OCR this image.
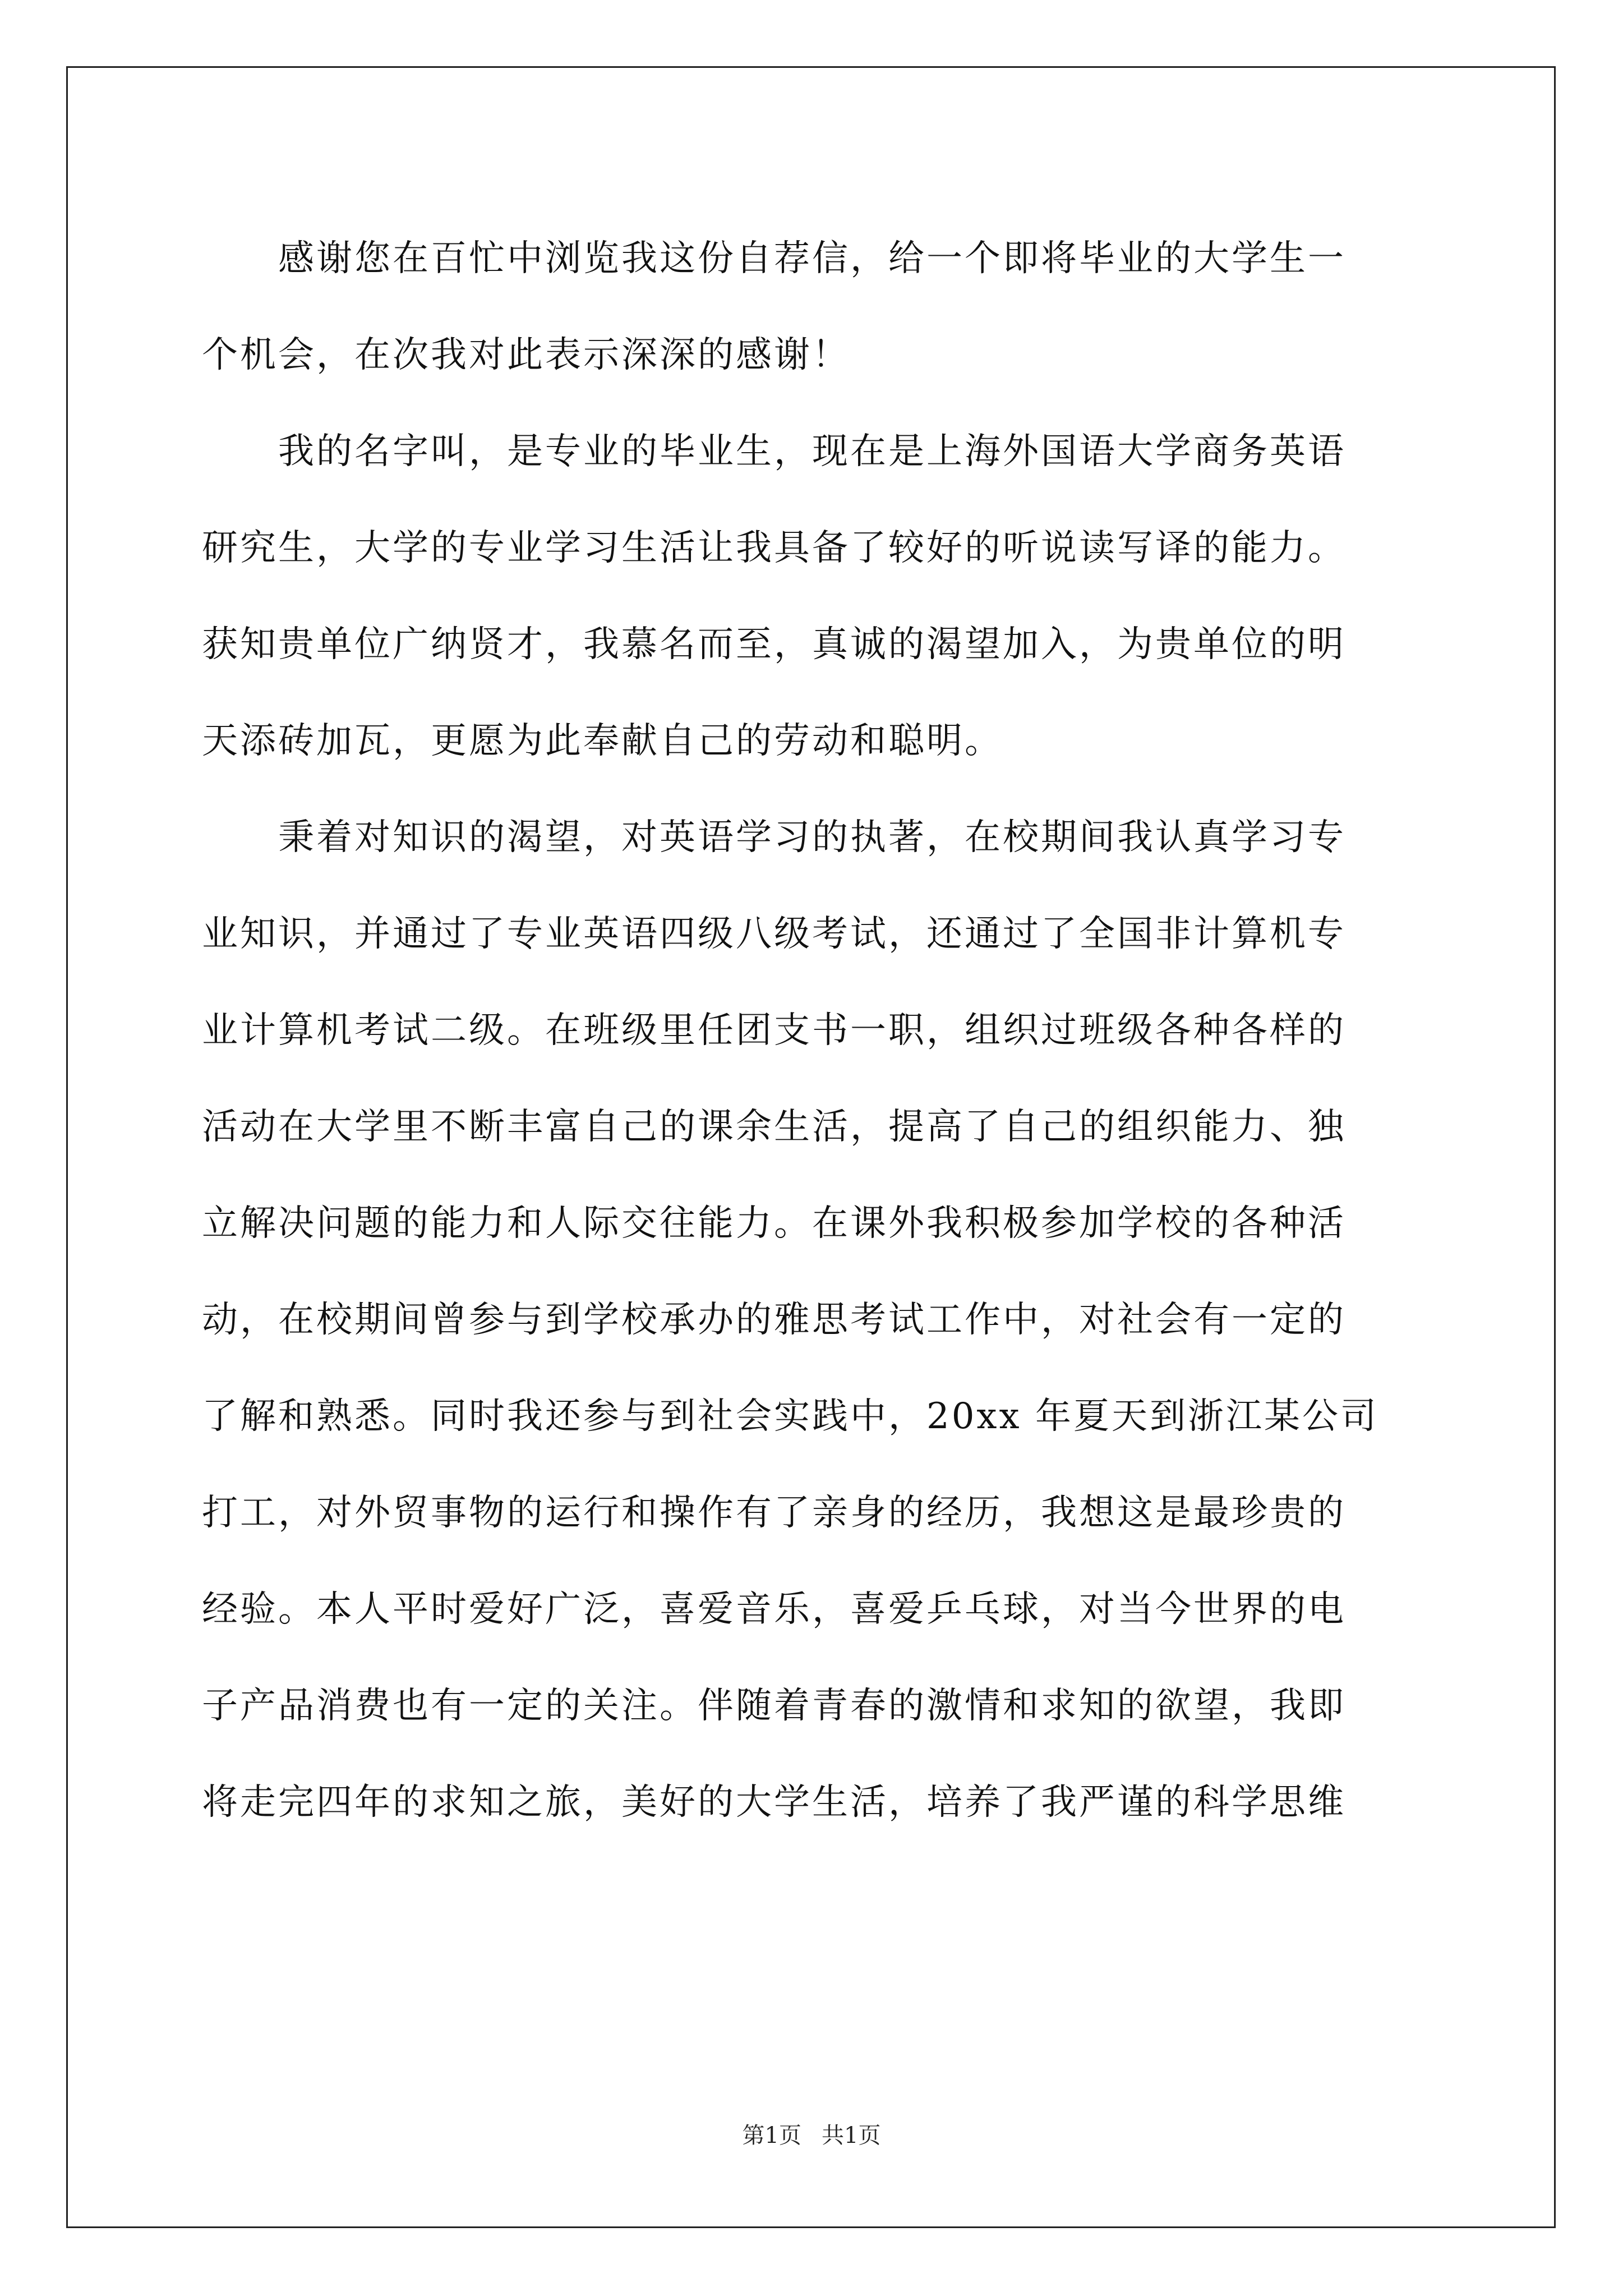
感谢您在百忙中浏览我这份自荐信，给一个即将毕业的大学生一
个机会，在次我对此表示深深的感谢！
我的名字叫，是专业的毕业生，现在是上海外国语大学商务英语
研究生，大学的专业学习生活让我具备了较好的听说读写译的能力。
获知贵单位广纳贤才，我慕名而至，真诚的渴望加入，为贵单位的明
天添砖加瓦，更愿为此奉献自己的劳动和聪明。
秉着对知识的渴望，对英语学习的执著，在校期间我认真学习专
业知识，并通过了专业英语四级八级考试，还通过了全国非计算机专
业计算机考试二级。在班级里任团支书一职，组织过班级各种各样的
活动在大学里不断丰富自己的课余生活，提高了自己的组织能力、独
立解决问题的能力和人际交往能力。在课外我积极参加学校的各种活
动，在校期间曾参与到学校承办的雅思考试工作中，对社会有一定的
了解和熟悉。同时我还参与到社会实践中，20xx 年夏天到浙江某公司
打工，对外贸事物的运行和操作有了亲身的经历，我想这是最珍贵的
经验。本人平时爱好广泛，喜爱音乐，喜爱乒乓球，对当今世界的电
子产品消费也有一定的关注。伴随着青春的激情和求知的欲望，我即
将走完四年的求知之旅，美好的大学生活，培养了我严谨的科学思维
第1页 共1页
